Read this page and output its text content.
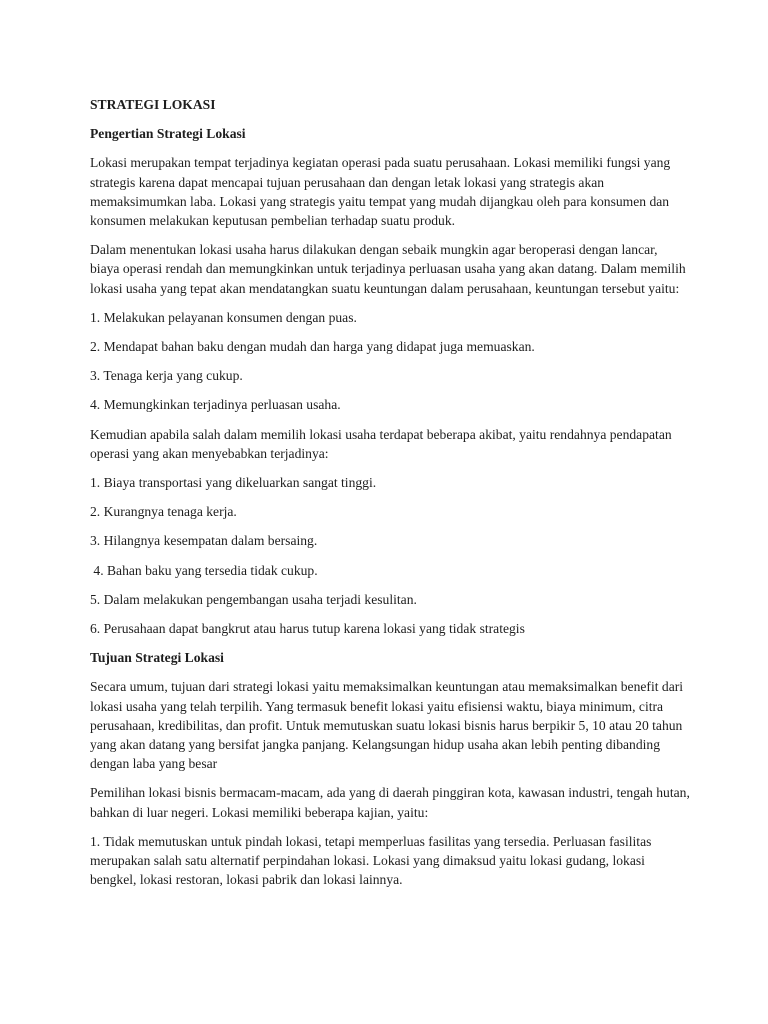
STRATEGI LOKASI

Pengertian Strategi Lokasi

Lokasi merupakan tempat terjadinya kegiatan operasi pada suatu perusahaan. Lokasi memiliki fungsi yang strategis karena dapat mencapai tujuan perusahaan dan dengan letak lokasi yang strategis akan memaksimumkan laba. Lokasi yang strategis yaitu tempat yang mudah dijangkau oleh para konsumen dan konsumen melakukan keputusan pembelian terhadap suatu produk.

Dalam menentukan lokasi usaha harus dilakukan dengan sebaik mungkin agar beroperasi dengan lancar, biaya operasi rendah dan memungkinkan untuk terjadinya perluasan usaha yang akan datang. Dalam memilih lokasi usaha yang tepat akan mendatangkan suatu keuntungan dalam perusahaan, keuntungan tersebut yaitu:

1. Melakukan pelayanan konsumen dengan puas.

2. Mendapat bahan baku dengan mudah dan harga yang didapat juga memuaskan.

3. Tenaga kerja yang cukup.

4. Memungkinkan terjadinya perluasan usaha.

Kemudian apabila salah dalam memilih lokasi usaha terdapat beberapa akibat, yaitu rendahnya pendapatan operasi yang akan menyebabkan terjadinya:

1. Biaya transportasi yang dikeluarkan sangat tinggi.

2. Kurangnya tenaga kerja.

3. Hilangnya kesempatan dalam bersaing.

4. Bahan baku yang tersedia tidak cukup.

5. Dalam melakukan pengembangan usaha terjadi kesulitan.

6. Perusahaan dapat bangkrut atau harus tutup karena lokasi yang tidak strategis

Tujuan Strategi Lokasi

Secara umum, tujuan dari strategi lokasi yaitu memaksimalkan keuntungan atau memaksimalkan benefit dari lokasi usaha yang telah terpilih. Yang termasuk benefit lokasi yaitu efisiensi waktu, biaya minimum, citra perusahaan, kredibilitas, dan profit. Untuk memutuskan suatu lokasi bisnis harus berpikir 5, 10 atau 20 tahun yang akan datang yang bersifat jangka panjang. Kelangsungan hidup usaha akan lebih penting dibanding dengan laba yang besar

Pemilihan lokasi bisnis bermacam-macam, ada yang di daerah pinggiran kota, kawasan industri, tengah hutan, bahkan di luar negeri. Lokasi memiliki beberapa kajian, yaitu:

1. Tidak memutuskan untuk pindah lokasi, tetapi memperluas fasilitas yang tersedia. Perluasan fasilitas merupakan salah satu alternatif perpindahan lokasi. Lokasi yang dimaksud yaitu lokasi gudang, lokasi bengkel, lokasi restoran, lokasi pabrik dan lokasi lainnya.
